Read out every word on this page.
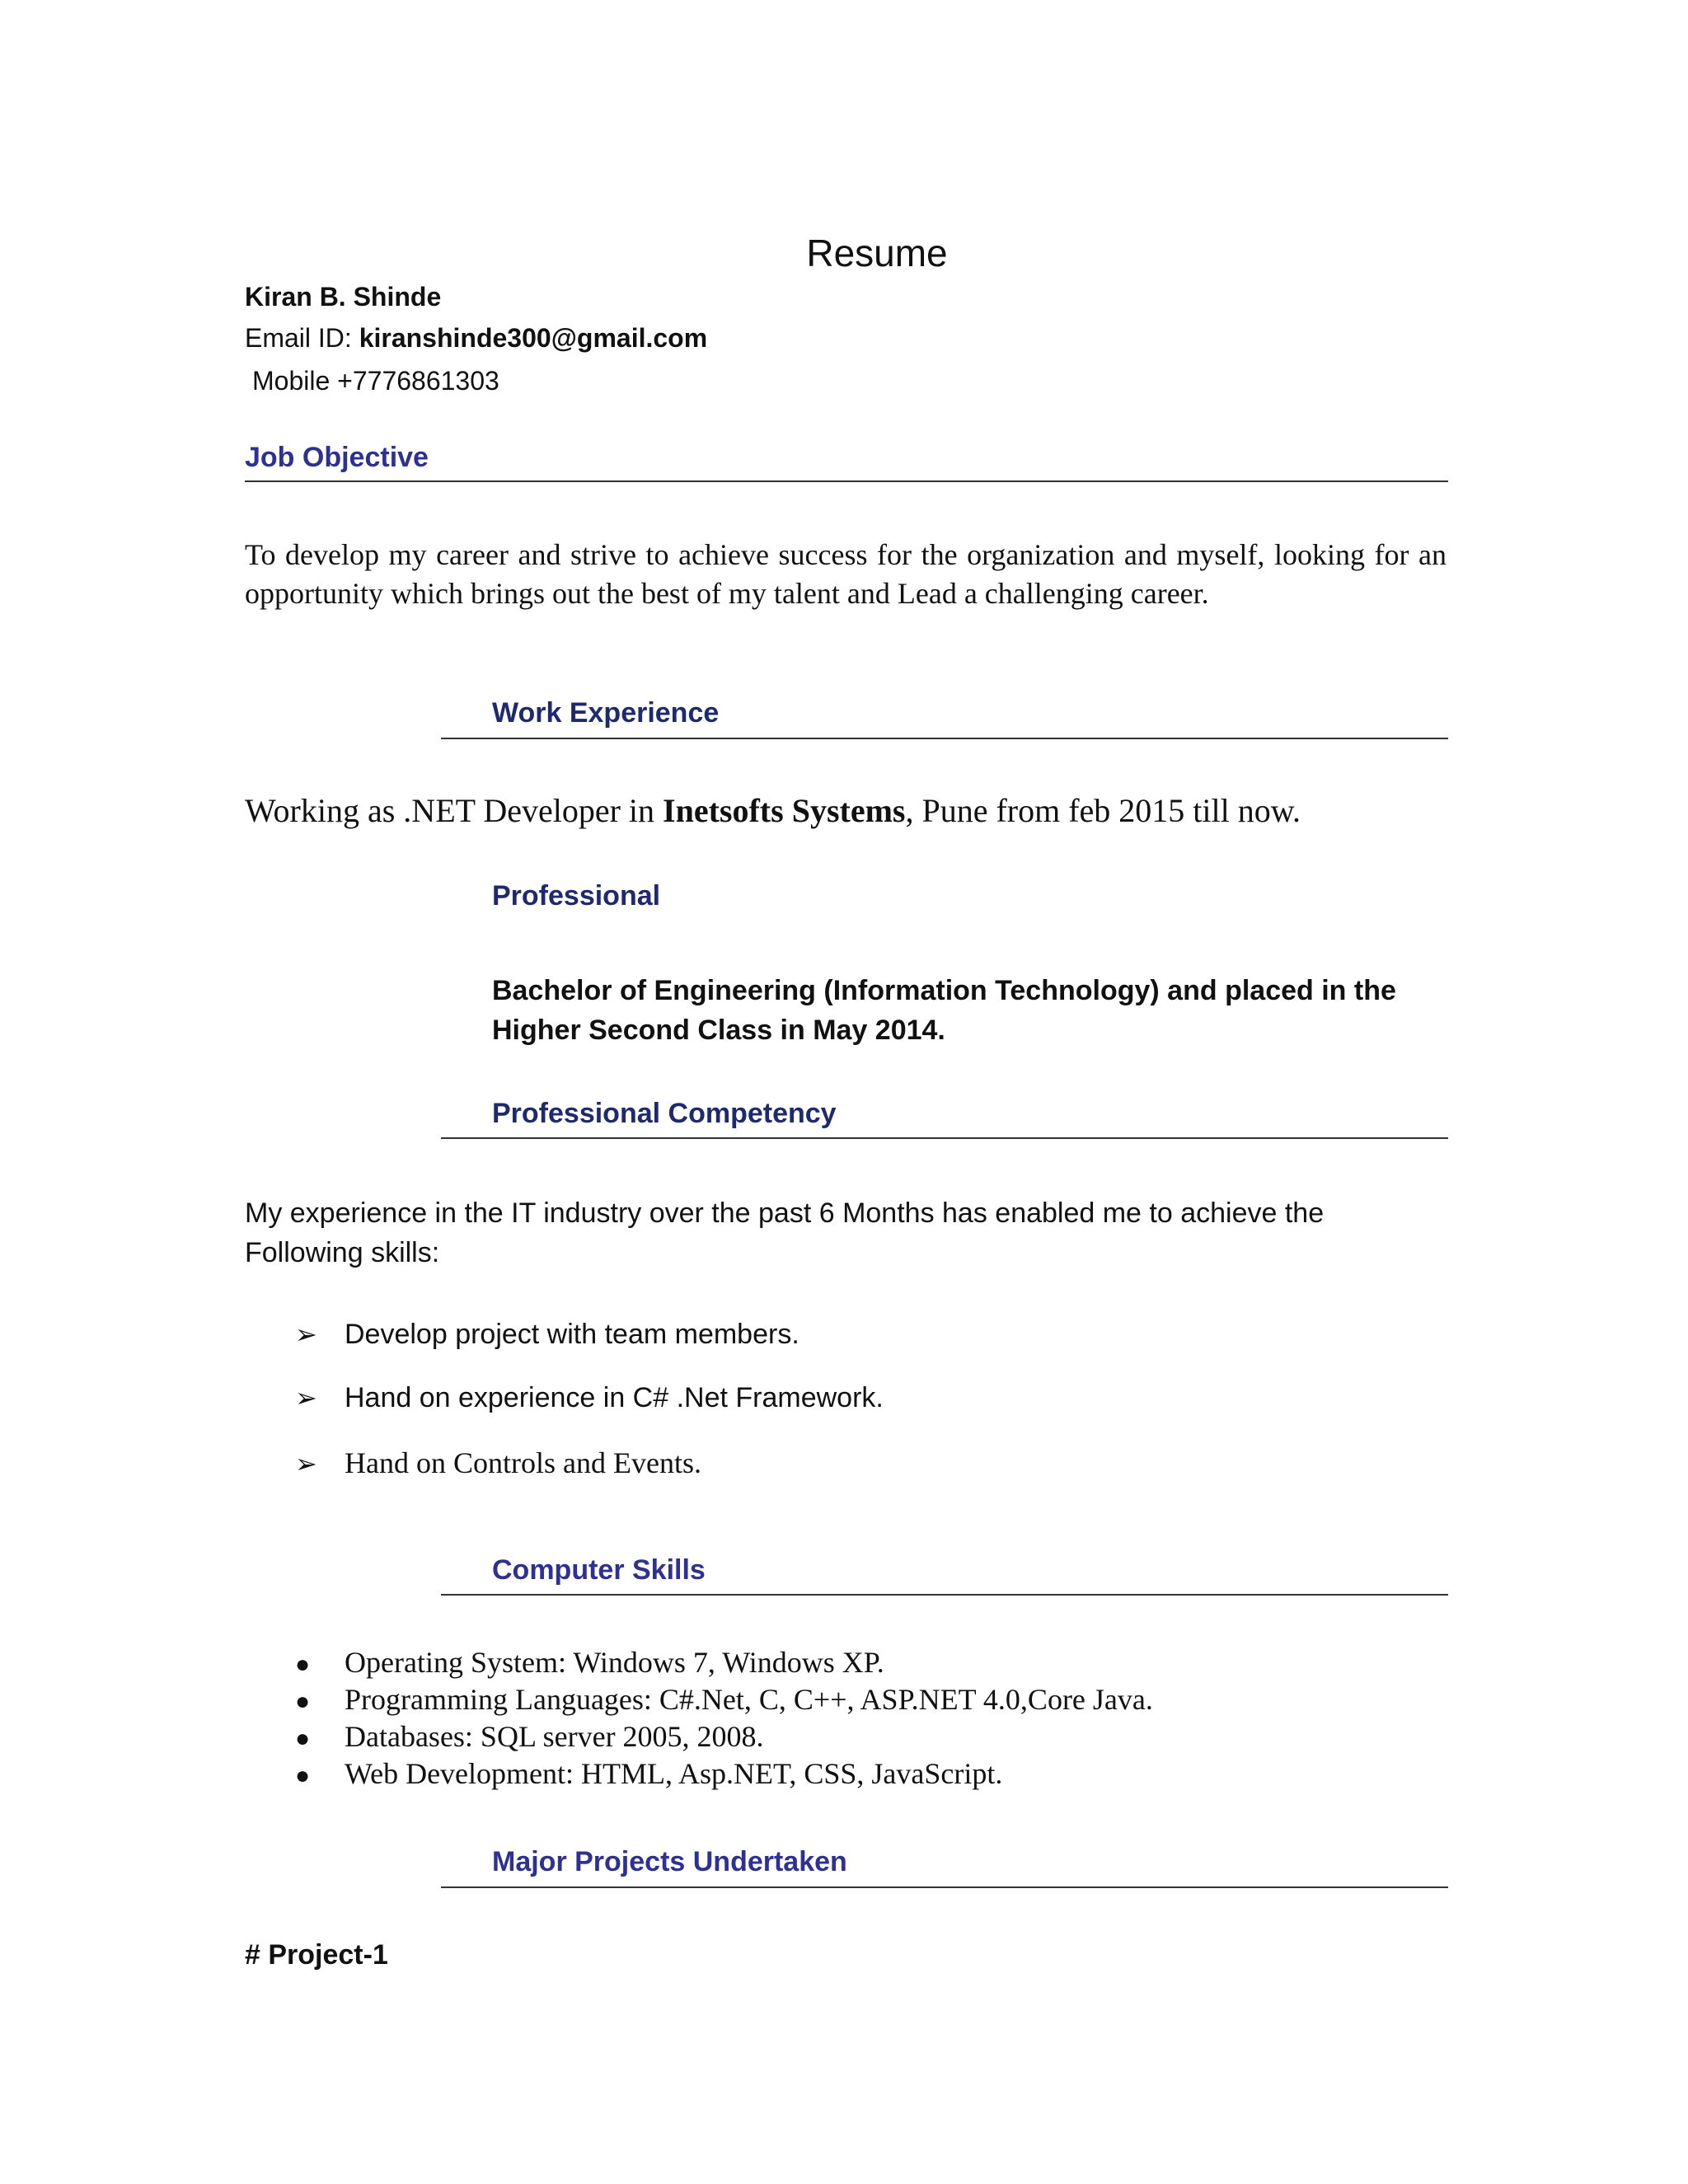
Resume
Kiran B. Shinde
Email ID: kiranshinde300@gmail.com
Mobile +7776861303
Job Objective
To develop my career and strive to achieve success for the organization and myself, looking for an opportunity which brings out the best of my talent and Lead a challenging career.
Work Experience
Working as .NET Developer in Inetsofts Systems, Pune from feb 2015 till now.
Professional
Bachelor of Engineering (Information Technology) and placed in the Higher Second Class in May 2014.
Professional Competency
My experience in the IT industry over the past 6 Months has enabled me to achieve the Following skills:
➢ Develop project with team members.
➢ Hand on experience in C# .Net Framework.
➢ Hand on Controls and Events.
Computer Skills
● Operating System: Windows 7, Windows XP.
● Programming Languages: C#.Net, C, C++, ASP.NET 4.0,Core Java.
● Databases: SQL server 2005, 2008.
● Web Development: HTML, Asp.NET, CSS, JavaScript.
Major Projects Undertaken
# Project-1
